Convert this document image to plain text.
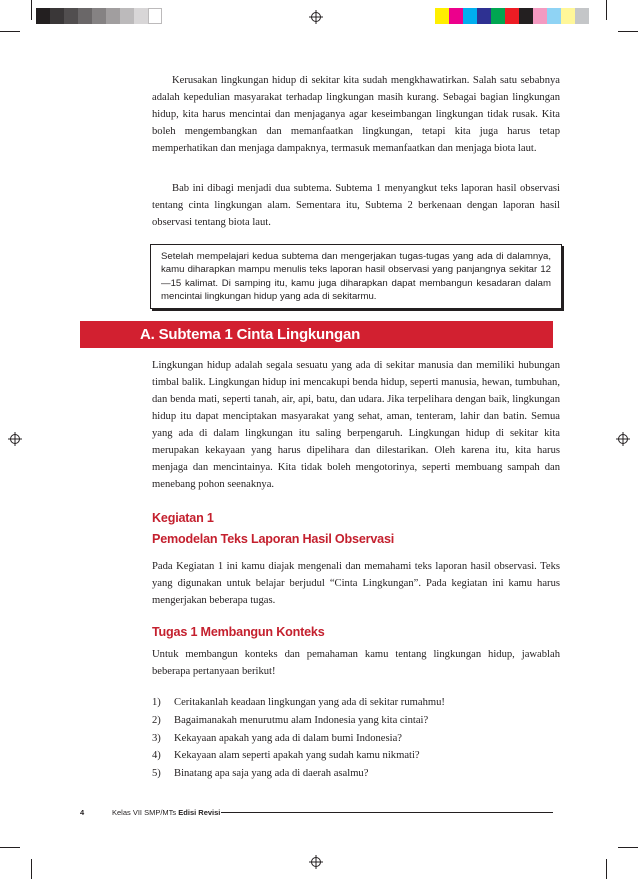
Kerusakan lingkungan hidup di sekitar kita sudah mengkhawatirkan. Salah satu sebabnya adalah kepedulian masyarakat terhadap lingkungan masih kurang. Sebagai bagian lingkungan hidup, kita harus mencintai dan menjaganya agar keseimbangan lingkungan tidak rusak. Kita boleh mengembangkan dan memanfaatkan lingkungan, tetapi kita juga harus tetap memperhatikan dan menjaga dampaknya, termasuk memanfaatkan dan menjaga biota laut.

Bab ini dibagi menjadi dua subtema. Subtema 1 menyangkut teks laporan hasil observasi tentang cinta lingkungan alam. Sementara itu, Subtema 2 berkenaan dengan laporan hasil observasi tentang biota laut.

Setelah mempelajari kedua subtema dan mengerjakan tugas-tugas yang ada di dalamnya, kamu diharapkan mampu menulis teks laporan hasil observasi yang panjangnya sekitar 12—15 kalimat. Di samping itu, kamu juga diharapkan dapat membangun kesadaran dalam mencintai lingkungan hidup yang ada di sekitarmu.
A. Subtema 1 Cinta Lingkungan

Lingkungan hidup adalah segala sesuatu yang ada di sekitar manusia dan memiliki hubungan timbal balik. Lingkungan hidup ini mencakupi benda hidup, seperti manusia, hewan, tumbuhan, dan benda mati, seperti tanah, air, api, batu, dan udara. Jika terpelihara dengan baik, lingkungan hidup itu dapat menciptakan masyarakat yang sehat, aman, tenteram, lahir dan batin. Semua yang ada di dalam lingkungan itu saling berpengaruh. Lingkungan hidup di sekitar kita merupakan kekayaan yang harus dipelihara dan dilestarikan. Oleh karena itu, kita harus menjaga dan mencintainya. Kita tidak boleh mengotorinya, seperti membuang sampah dan menebang pohon seenaknya.

Kegiatan 1
Pemodelan Teks Laporan Hasil Observasi

Pada Kegiatan 1 ini kamu diajak mengenali dan memahami teks laporan hasil observasi. Teks yang digunakan untuk belajar berjudul “Cinta Lingkungan”. Pada kegiatan ini kamu harus mengerjakan beberapa tugas.

Tugas 1 Membangun Konteks

Untuk membangun konteks dan pemahaman kamu tentang lingkungan hidup, jawablah beberapa pertanyaan berikut!

1)	Ceritakanlah keadaan lingkungan yang ada di sekitar rumahmu!
2)	Bagaimanakah menurutmu alam Indonesia yang kita cintai?
3)	Kekayaan apakah yang ada di dalam bumi Indonesia?
4)	Kekayaan alam seperti apakah yang sudah kamu nikmati?
5)	Binatang apa saja yang ada di daerah asalmu?
4	Kelas VII SMP/MTs Edisi Revisi
